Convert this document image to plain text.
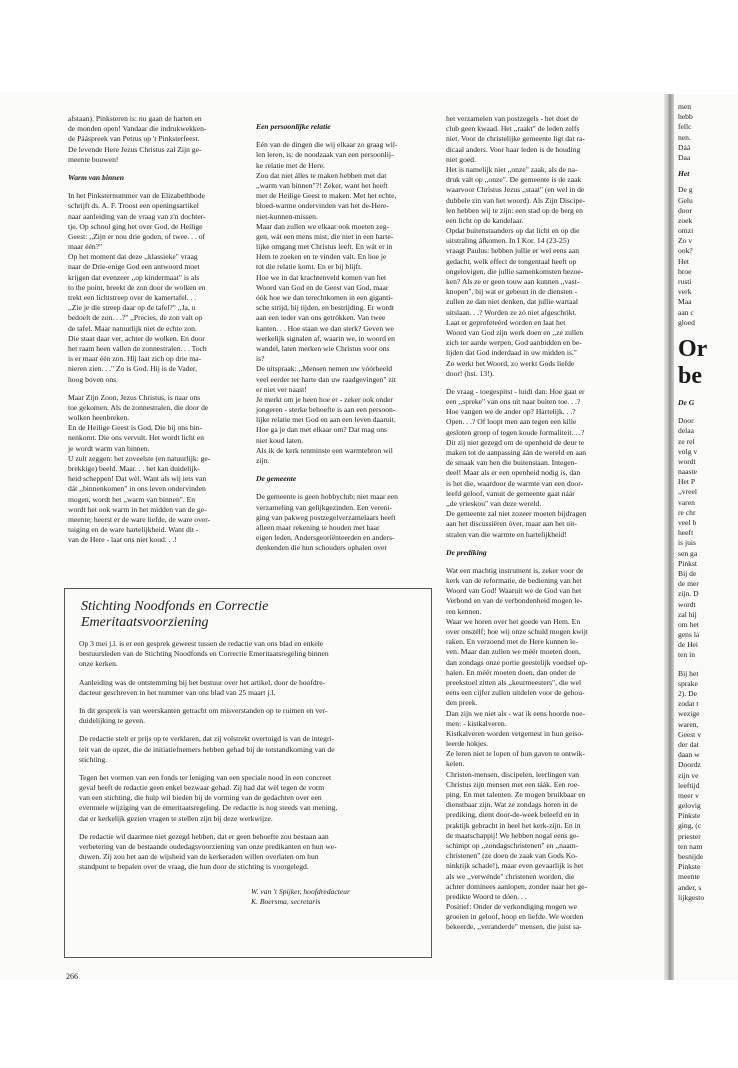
men
hebb
fellc
nen.
Dáá
Daa
Het
De g
Gelu
door
zoek
omzi
Zo v
ook?
Het
broe
rusti
verk
Maa
aan c
gloed
Or
be
De G
Door
delaa
ze rel
volg v
wordt
naaste
Het P
,,vreel
varen
re chr
veel b
heeft
is juis
sen ga
Pinkst
Bij de
de mer
zijn. D
wordt
zal hij
om het
gens la
de Hei
ten in
Bij het
sprake
2). De
zodat t
wezige
waren,
Geest v
der dat
daan w
Doordz
zijn ve
leeftijd
meer v
gelovig
Pinkste
ging, (c
priester
ten nam
besnijde
Pinkste
meente
ander, s
lijkgesto
afstaan). Pinksteren is: nu gaan de harten en
de monden open! Vandaar die indrukwekken-
de Pááspreek van Petrus op 't Pinksterfeest.
De levende Here Jezus Christus zal Zijn ge-
meente bouwen!
Warm van binnen
In het Pinksternummer van de Elizabethbode
schrijft ds. A. F. Troost een openingsartikel
naar aanleiding van de vraag van z'n dochter-
tje. Op school ging het over God, de Heilige
Geest: ,,Zijn er nou drie goden, of twee. . . of
maar één?"
Op het moment dat deze ,,klassieke" vraag
naar de Drie-enige God een antwoord moet
krijgen dat evenzeer ,,op kindermaat" is als
to the point, breekt de zon door de wolken en
trekt een lichtstreep over de kamertafel. . .
,,Zie je die streep daar op de tafel?" ,,Ja, u
bedoelt de zon. . .?" ,,Precies, de zon valt op
de tafel. Maar natuurlijk niet de echte zon.
Die staat daar ver, achter de wolken. En door
het raam heen vallen de zonnestralen. . . Toch
is er maar één zon. Hij laat zich op drie ma-
nieren zien. . ." Zo is God. Hij is de Vader,
hoog boven ons.
Maar Zijn Zoon, Jezus Christus, is naar ons
toe gekomen. Als de zonnestralen, die door de
wolken heenbreken.
En de Heilige Geest is God, Die bij ons bin-
nenkomt. Die ons vervult. Het wordt licht en
je wordt warm van binnen.
U zult zeggen: het zoveelste (en natuurlijk: ge-
brekkige) beeld. Maar. . . het kan duidelijk-
heid scheppen! Dat wèl. Want als wij iets van
dát ,,binnenkomen" in ons leven ondervinden
mogen, wordt het ,,warm van binnen". En
wordt het ook warm in het midden van de ge-
meente; heerst er de ware liefde, de ware over-
tuiging en de ware hartelijkheid. Want dit -
van de Here - laat ons niet koud. . .!
Een persoonlijke relatie
Eén van de dingen die wij elkaar zo graag wil-
len leren, is: de noodzaak van een persoonlij-
ke relatie met de Here.
Zou dat niet álles te maken hebben met dat
,,warm van binnen"?! Zeker, want het heeft
met de Heilige Geest te maken. Met het echte,
bloed-warme ondervinden van het de-Here-
niet-kunnen-missen.
Maar dan zullen we elkaar ook moeten zeg-
gen, wát een mens mist, die niet in een harte-
lijke omgang met Christus leeft. En wát er in
Hem te zoeken en te vinden valt. En hoe je
tot die relatie komt. En er bij blijft.
Hoe we in dat krachtenveld komen van het
Woord van God en de Geest van God, maar
óók hoe we dan terechtkomen in een giganti-
sche strijd, bij tijden, en bestrijding. Er wordt
aan een ieder van ons getrókken. Van twee
kanten. . . Hoe staan we dan sterk? Geven we
werkelijk signalen af, waarin we, in woord en
wandel, laten merken wie Christus voor ons
is?
De uitspraak: ,,Mensen nemen uw vóórbeeld
veel eerder ter harte dan uw raadgevingen" zit
er niet ver naast!
Je merkt om je heen hoe er - zeker ook onder
jongeren - sterke behoefte is aan een persoon-
lijke relatie met God en aan een leven daaruit.
Hoe ga je dan met elkaar om? Dat mag ons
niet koud laten.
Als ik de kerk tenminste een warmtebron wil
zijn.
De gemeente
De gemeente is geen hobbyclub; niet maar een
verzameling van gelijkgezinden. Een vereni-
ging van pakweg postzegelverzamelaars heeft
alleen maar rekening te houden met haar
eigen leden. Andersgeoriënteerden en anders-
denkenden die hun schouders ophalen over
het verzamelen van postzegels - het doet de
club geen kwaad. Het ,,raakt" de leden zelfs
niet. Voor de christelijke gemeente ligt dat ra-
dicaal anders. Voor haar leden is de houding
niet goed.
Het is namelijk niet ,,onze" zaak, als de na-
druk valt op ,,onze". De gemeente is de zaak
waarvoor Christus Jezus ,,staat" (en wel in de
dubbele zin van het woord). Als Zijn Discipe-
len hebben wij te zijn: een stad op de berg en
een licht op de kandelaar.
Opdat buitenstaanders op dat licht en op die
uitstraling áfkomen. In I Kor. 14 (23-25)
vraagt Paulus: hebben jullie er wel eens aan
gedacht, welk effect de tongentaal heeft op
ongelovigen, die jullie samenkomsten bezoe-
ken? Als ze er geen touw aan kunnen ,,vast-
knopen", bij wat er gebeurt in de diensten -
zullen ze dan niet denken, dat jullie wartaal
uitslaan. . .? Worden ze zó niet afgeschrikt.
Laat er geprofeteèrd worden en laat het
Woord van God zijn werk doen en ,,ze zullen
zich ter aarde werpen, God aanbidden en be-
lijden dat God inderdaad in uw midden is."
Zo werkt het Woord, zo werkt Gods liefde
door! (hst. 13!).
De vraag - toegespitst - luidt dan: Hoe gaat er
een ,,spreke" van ons uit naar buiten toe. . .?
Hoe vangen we de ander op? Hartelijk. . .?
Open. . .? Of loopt men aan tegen een kille
gesloten groep of tegen koude formaliteit. . .?
Dit zij niet gezegd om de openheid de deur te
maken tot de aanpassing áán de wereld en aan
de smaak van hen die buitenstaan. Integen-
deel! Maar als er een openheid nodig is, dan
is het die, waardoor de warmte van een door-
leefd geloof, vanuit de gemeente gaat náár
,,de vrieskou" van deze wereld.
De gemeente zal niet zozeer moeten bijdragen
aan het discussiëren óver, maar aan het uit-
stralen van die warmte en hartelijkheid!
De prediking
Wat een machtig instrument is, zeker voor de
kerk van de reformatie, de bediening van het
Woord van God! Waaruit we de God van het
Verbond en van de verbondenheid mogen le-
ren kennen.
Waar we horen over het goede van Hem. En
over onszélf; hoe wij onze schuld mogen kwijt
raken. En verzoend met de Here kunnen le-
ven. Maar dan zullen we méér moeten doen,
dan zondags onze portie geestelijk voedsel op-
halen. En méér moeten doen, dan onder de
preekstoel zitten als ,,keurmeesters", die wel
eens een cijfer zullen uitdelen voor de gehou-
den preek.
Dan zijn we niet als - wat ik eens hoorde noe-
men: - kistkalveren.
Kistkalveren worden vetgemest in hun geiso-
leerde hokjes.
Ze leren niet te lopen of hun gaven te ontwik-
kelen.
Christen-mensen, discipelen, leerlingen van
Christus zijn mensen met een táák. Een roe-
ping. En met talenten. Ze mogen bruikbaar en
dienstbaar zijn. Wat ze zondags horen in de
prediking, dient door-de-week beleefd en in
praktijk gebracht in heel het kerk-zijn. En in
de maatschappij! We hebben nogal eens ge-
schimpt op ,,zondagschristenen" en ,,naam-
christenen" (ze doen de zaak van Gods Ko-
ninkrijk schade!), maar even gevaarlijk is het
als we ,,verwénde" christenen worden, die
achter dominees aanlopen, zonder naar het ge-
predikte Woord te dóen. . .
Positief: Onder de verkondiging mogen we
groeien in geloof, hoop en liefde. We worden
bekeerde, ,,veranderde" mensen, die juist sa-
Stichting Noodfonds en Correctie
Emeritaatsvoorziening
Op 3 mei j.l. is er een gesprek geweest tussen de redactie van ons blad en enkele
bestuursleden van de Stichting Noodfonds en Correctie Emeritaatsregeling binnen
onze kerken.
Aanleiding was de ontstemming bij het bestuur over het artikel, door de hoofdre-
dacteur geschreven in het nummer van ons blad van 25 maart j.l.
In dit gesprek is van weerskanten getracht om misverstanden op te ruimen en ver-
duidelijking te geven.
De redactie stelt er prijs op te verklaren, dat zij volstrekt overtuigd is van de integri-
teit van de opzet, die de initiatiefnemers hebben gehad bij de totstandkoming van de
stichting.
Tegen het vormen van een fonds ter leniging van een speciale nood in een concreet
geval heeft de redactie geen enkel bezwaar gehad. Zij had dat wèl tegen de vorm
van een stichting, die hulp wil bieden bij de vorming van de gedachten over een
eventuele wijziging van de emeritaatsregeling. De redactie is nog steeds van mening,
dat er kerkelijk gezien vragen te stellen zijn bij deze werkwijze.
De redactie wil daarmee niet gezegd hebben, dat er geen behoefte zou bestaan aan
verbetering van de bestaande oudedagsvoorziening van onze predikanten en hun we-
duwen. Zij zou het aan de wijsheid van de kerkeraden willen overlaten om hun
standpunt te bepalen over de vraag, die hun door de stichting is voorgelegd.
W. van 't Spijker, hoofdredacteur
K. Boersma, secretaris
266
